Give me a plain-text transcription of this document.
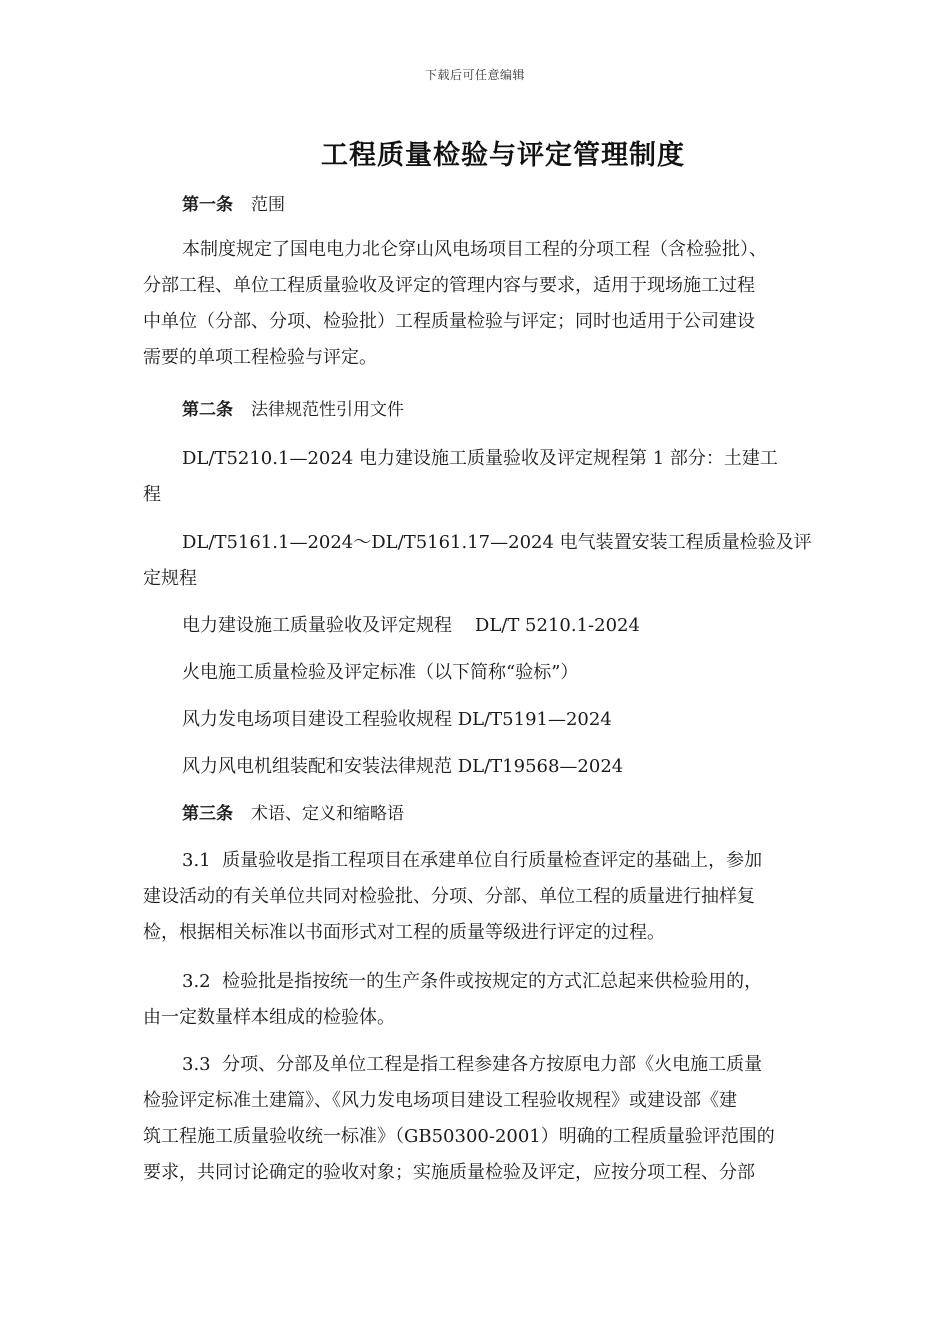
下载后可任意编辑
工程质量检验与评定管理制度
第一条 范围
本制度规定了国电电力北仑穿山风电场项目工程的分项工程（含检验批）、
分部工程、单位工程质量验收及评定的管理内容与要求，适用于现场施工过程
中单位（分部、分项、检验批）工程质量检验与评定；同时也适用于公司建设
需要的单项工程检验与评定。
第二条 法律规范性引用文件
DL/T5210.1—2024 电力建设施工质量验收及评定规程第 1 部分：土建工
程
DL/T5161.1—2024～DL/T5161.17—2024 电气装置安装工程质量检验及评
定规程
电力建设施工质量验收及评定规程    DL/T 5210.1-2024
火电施工质量检验及评定标准（以下简称“验标”）
风力发电场项目建设工程验收规程 DL/T5191—2024
风力风电机组装配和安装法律规范 DL/T19568—2024
第三条 术语、定义和缩略语
3.1  质量验收是指工程项目在承建单位自行质量检查评定的基础上，参加
建设活动的有关单位共同对检验批、分项、分部、单位工程的质量进行抽样复
检，根据相关标准以书面形式对工程的质量等级进行评定的过程。
3.2  检验批是指按统一的生产条件或按规定的方式汇总起来供检验用的，
由一定数量样本组成的检验体。
3.3  分项、分部及单位工程是指工程参建各方按原电力部《火电施工质量
检验评定标准土建篇》、《风力发电场项目建设工程验收规程》或建设部《建
筑工程施工质量验收统一标准》（GB50300-2001）明确的工程质量验评范围的
要求，共同讨论确定的验收对象；实施质量检验及评定，应按分项工程、分部
